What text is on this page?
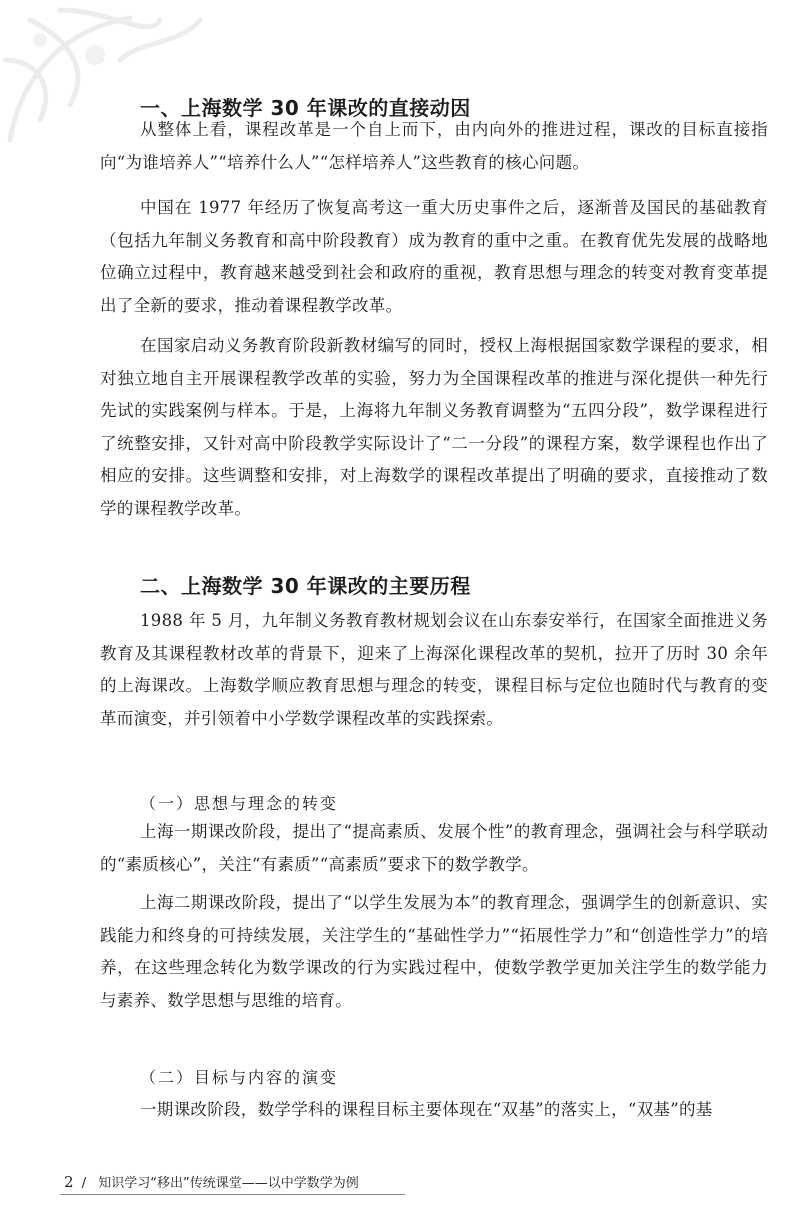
一、上海数学 30 年课改的直接动因

从整体上看，课程改革是一个自上而下，由内向外的推进过程，课改的目标直接指向“为谁培养人”“培养什么人”“怎样培养人”这些教育的核心问题。

中国在 1977 年经历了恢复高考这一重大历史事件之后，逐渐普及国民的基础教育（包括九年制义务教育和高中阶段教育）成为教育的重中之重。在教育优先发展的战略地位确立过程中，教育越来越受到社会和政府的重视，教育思想与理念的转变对教育变革提出了全新的要求，推动着课程教学改革。

在国家启动义务教育阶段新教材编写的同时，授权上海根据国家数学课程的要求，相对独立地自主开展课程教学改革的实验，努力为全国课程改革的推进与深化提供一种先行先试的实践案例与样本。于是，上海将九年制义务教育调整为“五四分段”，数学课程进行了统整安排，又针对高中阶段教学实际设计了“二一分段”的课程方案，数学课程也作出了相应的安排。这些调整和安排，对上海数学的课程改革提出了明确的要求，直接推动了数学的课程教学改革。

二、上海数学 30 年课改的主要历程

1988 年 5 月，九年制义务教育教材规划会议在山东泰安举行，在国家全面推进义务教育及其课程教材改革的背景下，迎来了上海深化课程改革的契机，拉开了历时 30 余年的上海课改。上海数学顺应教育思想与理念的转变，课程目标与定位也随时代与教育的变革而演变，并引领着中小学数学课程改革的实践探索。

（一）思想与理念的转变

上海一期课改阶段，提出了“提高素质、发展个性”的教育理念，强调社会与科学联动的“素质核心”，关注“有素质”“高素质”要求下的数学教学。

上海二期课改阶段，提出了“以学生发展为本”的教育理念，强调学生的创新意识、实践能力和终身的可持续发展，关注学生的“基础性学力”“拓展性学力”和“创造性学力”的培养，在这些理念转化为数学课改的行为实践过程中，使数学教学更加关注学生的数学能力与素养、数学思想与思维的培育。

（二）目标与内容的演变

一期课改阶段，数学学科的课程目标主要体现在“双基”的落实上，“双基”的基

2 / 知识学习“移出”传统课堂——以中学数学为例
